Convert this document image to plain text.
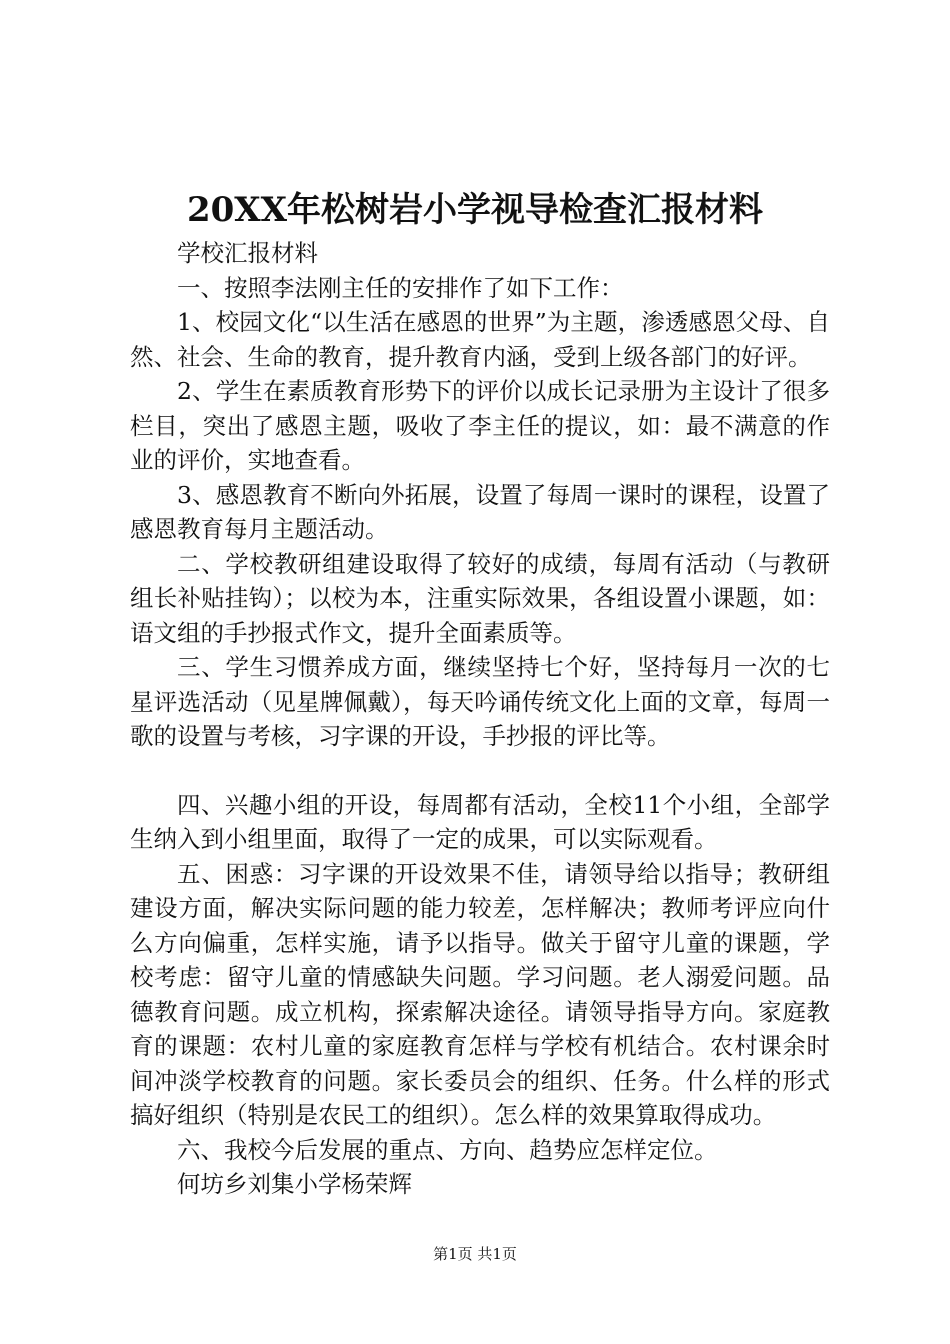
20XX年松树岩小学视导检查汇报材料

学校汇报材料

一、按照李法刚主任的安排作了如下工作：

1、校园文化“以生活在感恩的世界”为主题，渗透感恩父母、自然、社会、生命的教育，提升教育内涵，受到上级各部门的好评。

2、学生在素质教育形势下的评价以成长记录册为主设计了很多栏目，突出了感恩主题，吸收了李主任的提议，如：最不满意的作业的评价，实地查看。

3、感恩教育不断向外拓展，设置了每周一课时的课程，设置了感恩教育每月主题活动。

二、学校教研组建设取得了较好的成绩，每周有活动（与教研组长补贴挂钩）；以校为本，注重实际效果，各组设置小课题，如：语文组的手抄报式作文，提升全面素质等。

三、学生习惯养成方面，继续坚持七个好，坚持每月一次的七星评选活动（见星牌佩戴），每天吟诵传统文化上面的文章，每周一歌的设置与考核，习字课的开设，手抄报的评比等。

四、兴趣小组的开设，每周都有活动，全校11个小组，全部学生纳入到小组里面，取得了一定的成果，可以实际观看。

五、困惑：习字课的开设效果不佳，请领导给以指导；教研组建设方面，解决实际问题的能力较差，怎样解决；教师考评应向什么方向偏重，怎样实施，请予以指导。做关于留守儿童的课题，学校考虑：留守儿童的情感缺失问题。学习问题。老人溺爱问题。品德教育问题。成立机构，探索解决途径。请领导指导方向。家庭教育的课题：农村儿童的家庭教育怎样与学校有机结合。农村课余时间冲淡学校教育的问题。家长委员会的组织、任务。什么样的形式搞好组织（特别是农民工的组织）。怎么样的效果算取得成功。

六、我校今后发展的重点、方向、趋势应怎样定位。

何坊乡刘集小学杨荣辉

第1页 共1页
